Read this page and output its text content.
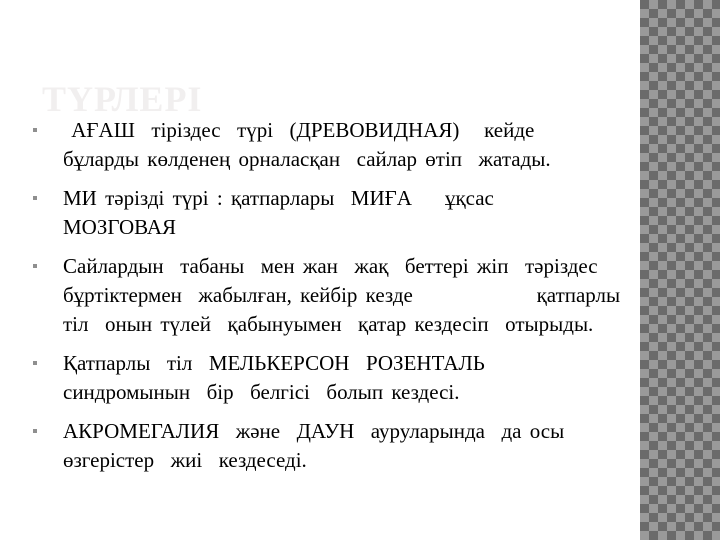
ТҮРЛЕРІ
АҒАШ  тіріздес  түрі  (ДРЕВОВИДНАЯ)   кейде
бұларды көлденең орналасқан  сайлар өтіп  жатады.
МИ тәрізді түрі : қатпарлары  МИҒА    ұқсас
МОЗГОВАЯ
Сайлардын  табаны  мен жан  жақ  беттері жіп  тәріздес
бұртіктермен  жабылған, кейбір кезде               қатпарлы
тіл  онын түлей  қабынуымен  қатар кездесіп  отырыды.
Қатпарлы  тіл  МЕЛЬКЕРСОН  РОЗЕНТАЛЬ
синдромынын  бір  белгісі  болып кездесі.
АКРОМЕГАЛИЯ  және  ДАУН  ауруларында  да осы
өзгерістер  жиі  кездеседі.
